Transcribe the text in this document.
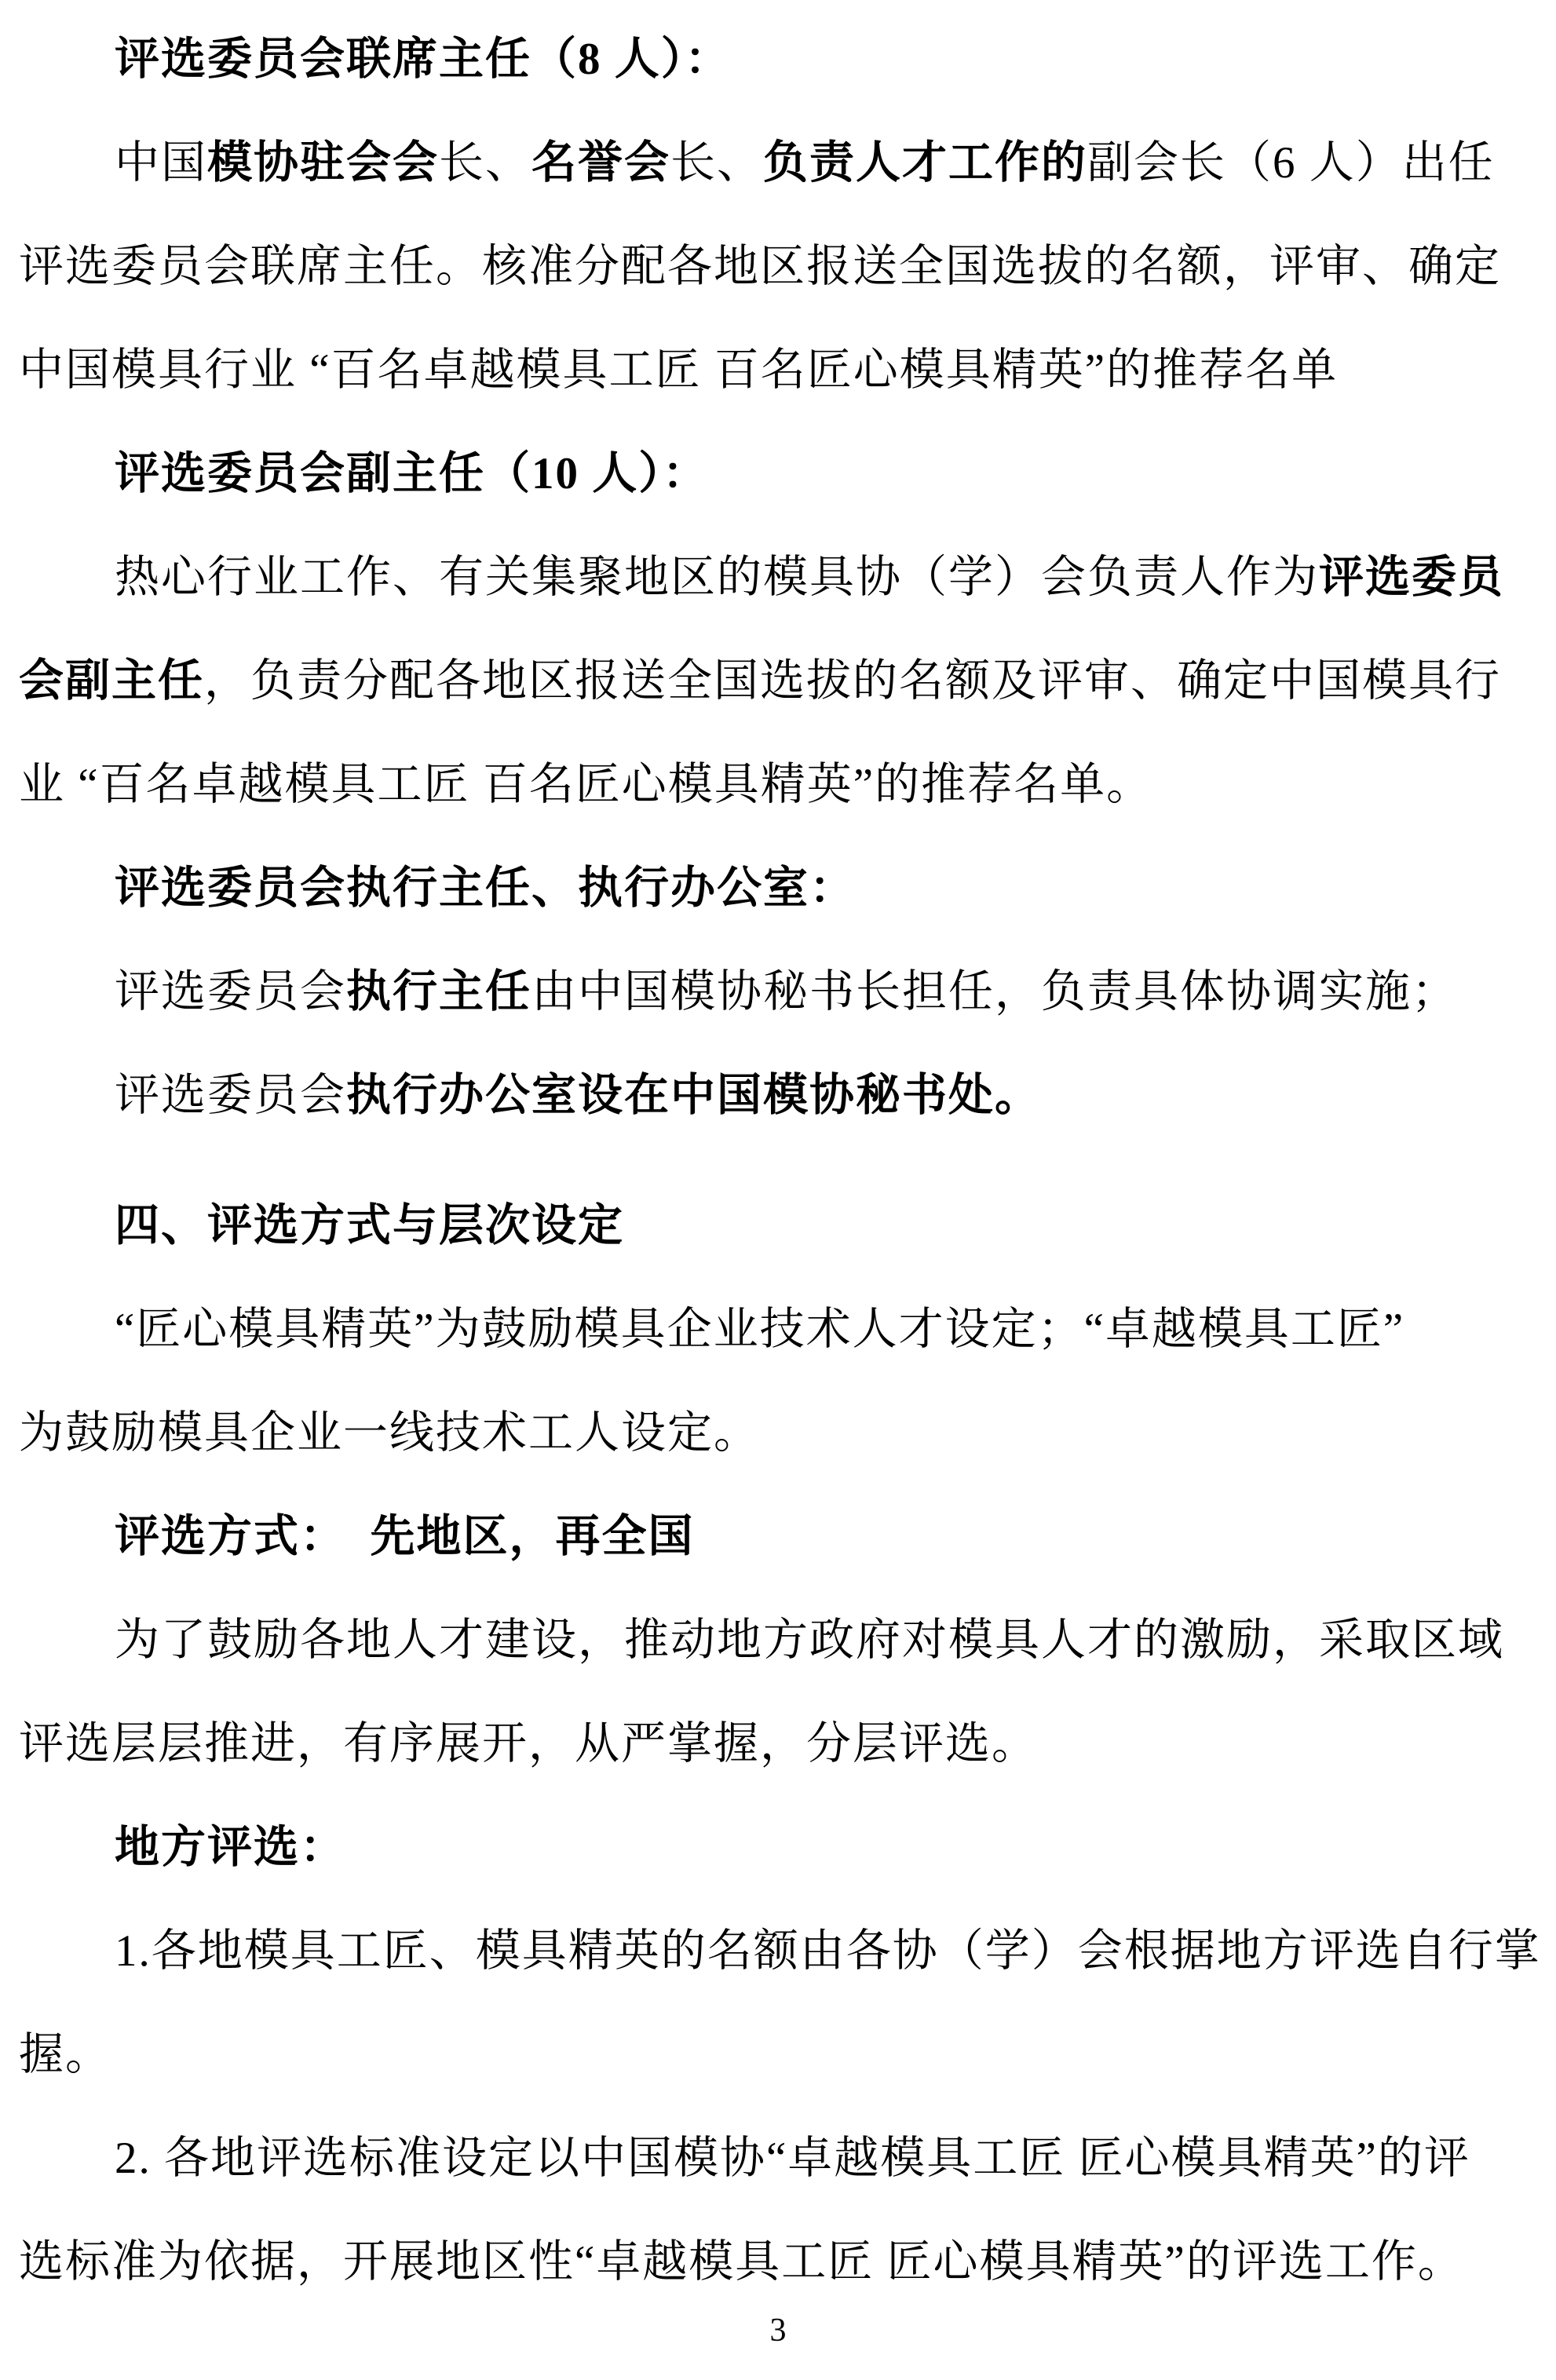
评选委员会联席主任（8 人）：
中国模协驻会会长、名誉会长、负责人才工作的副会长（6 人）出任
评选委员会联席主任。核准分配各地区报送全国选拔的名额，评审、确定
中国模具行业 “百名卓越模具工匠 百名匠心模具精英”的推荐名单
评选委员会副主任（10 人）：
热心行业工作、有关集聚地区的模具协（学）会负责人作为评选委员
会副主任，负责分配各地区报送全国选拔的名额及评审、确定中国模具行
业 “百名卓越模具工匠 百名匠心模具精英”的推荐名单。
评选委员会执行主任、执行办公室：
评选委员会执行主任由中国模协秘书长担任，负责具体协调实施；
评选委员会执行办公室设在中国模协秘书处。
四、评选方式与层次设定
“匠心模具精英”为鼓励模具企业技术人才设定；“卓越模具工匠”
为鼓励模具企业一线技术工人设定。
评选方式：　先地区，再全国
为了鼓励各地人才建设，推动地方政府对模具人才的激励，采取区域
评选层层推进，有序展开，从严掌握，分层评选。
地方评选：
1.各地模具工匠、模具精英的名额由各协（学）会根据地方评选自行掌
握。
2. 各地评选标准设定以中国模协“卓越模具工匠 匠心模具精英”的评
选标准为依据，开展地区性“卓越模具工匠 匠心模具精英”的评选工作。
3
